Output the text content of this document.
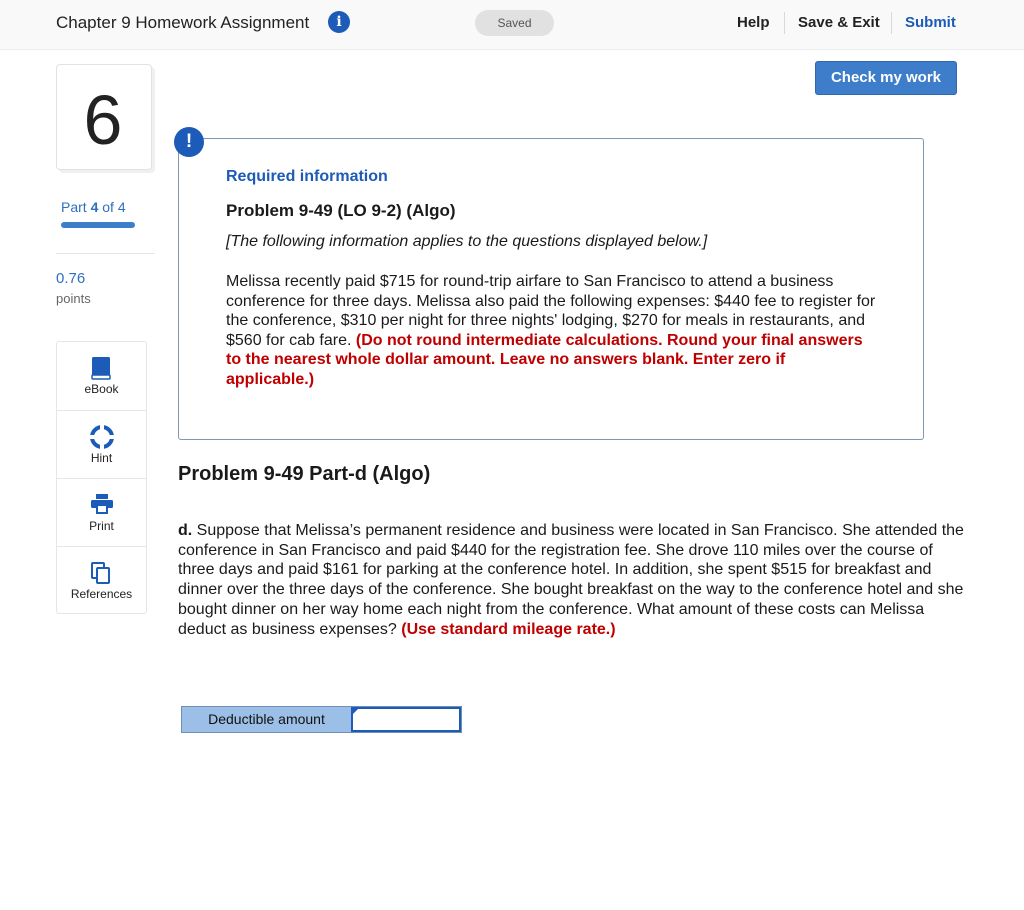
Chapter 9 Homework Assignment	i	Saved	Help Save & Exit Submit
Check my work
6
Part 4 of 4
0.76
points
eBook
Hint
Print
References
!
Required information
Problem 9-49 (LO 9-2) (Algo)
[The following information applies to the questions displayed below.]
Melissa recently paid $715 for round-trip airfare to San Francisco to attend a business conference for three days. Melissa also paid the following expenses: $440 fee to register for the conference, $310 per night for three nights' lodging, $270 for meals in restaurants, and $560 for cab fare. (Do not round intermediate calculations. Round your final answers to the nearest whole dollar amount. Leave no answers blank. Enter zero if applicable.)
Problem 9-49 Part-d (Algo)
d. Suppose that Melissa’s permanent residence and business were located in San Francisco. She attended the conference in San Francisco and paid $440 for the registration fee. She drove 110 miles over the course of three days and paid $161 for parking at the conference hotel. In addition, she spent $515 for breakfast and dinner over the three days of the conference. She bought breakfast on the way to the conference hotel and she bought dinner on her way home each night from the conference. What amount of these costs can Melissa deduct as business expenses? (Use standard mileage rate.)
Deductible amount
